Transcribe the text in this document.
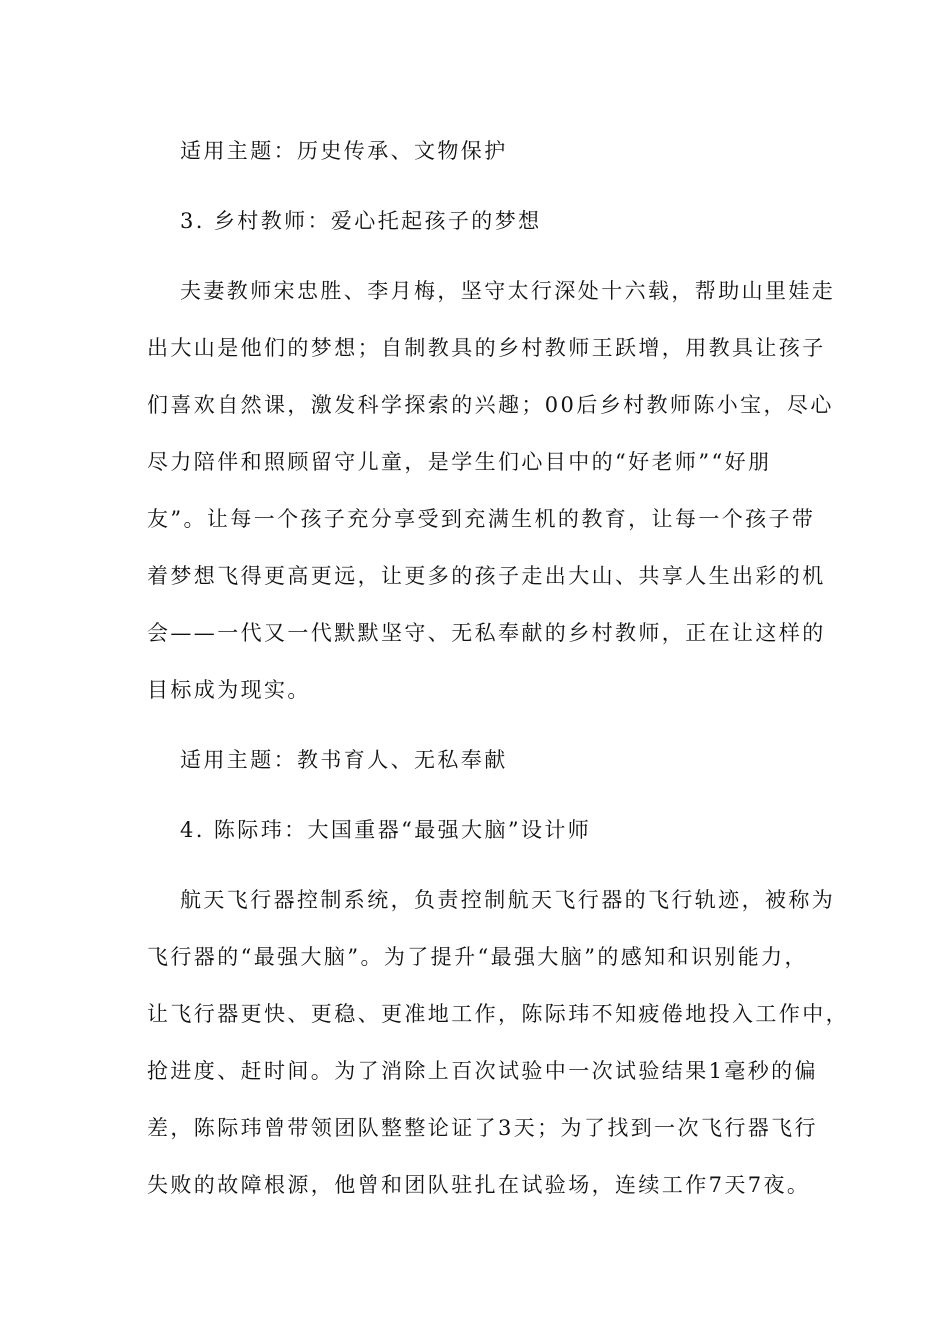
适用主题：历史传承、文物保护
3. 乡村教师：爱心托起孩子的梦想
夫妻教师宋忠胜、李月梅，坚守太行深处十六载，帮助山里娃走
出大山是他们的梦想；自制教具的乡村教师王跃增，用教具让孩子
们喜欢自然课，激发科学探索的兴趣；00后乡村教师陈小宝，尽心
尽力陪伴和照顾留守儿童，是学生们心目中的“好老师”“好朋
友”。让每一个孩子充分享受到充满生机的教育，让每一个孩子带
着梦想飞得更高更远，让更多的孩子走出大山、共享人生出彩的机
会——一代又一代默默坚守、无私奉献的乡村教师，正在让这样的
目标成为现实。
适用主题：教书育人、无私奉献
4. 陈际玮：大国重器“最强大脑”设计师
航天飞行器控制系统，负责控制航天飞行器的飞行轨迹，被称为
飞行器的“最强大脑”。为了提升“最强大脑”的感知和识别能力，
让飞行器更快、更稳、更准地工作，陈际玮不知疲倦地投入工作中，
抢进度、赶时间。为了消除上百次试验中一次试验结果1毫秒的偏
差，陈际玮曾带领团队整整论证了3天；为了找到一次飞行器飞行
失败的故障根源，他曾和团队驻扎在试验场，连续工作7天7夜。
